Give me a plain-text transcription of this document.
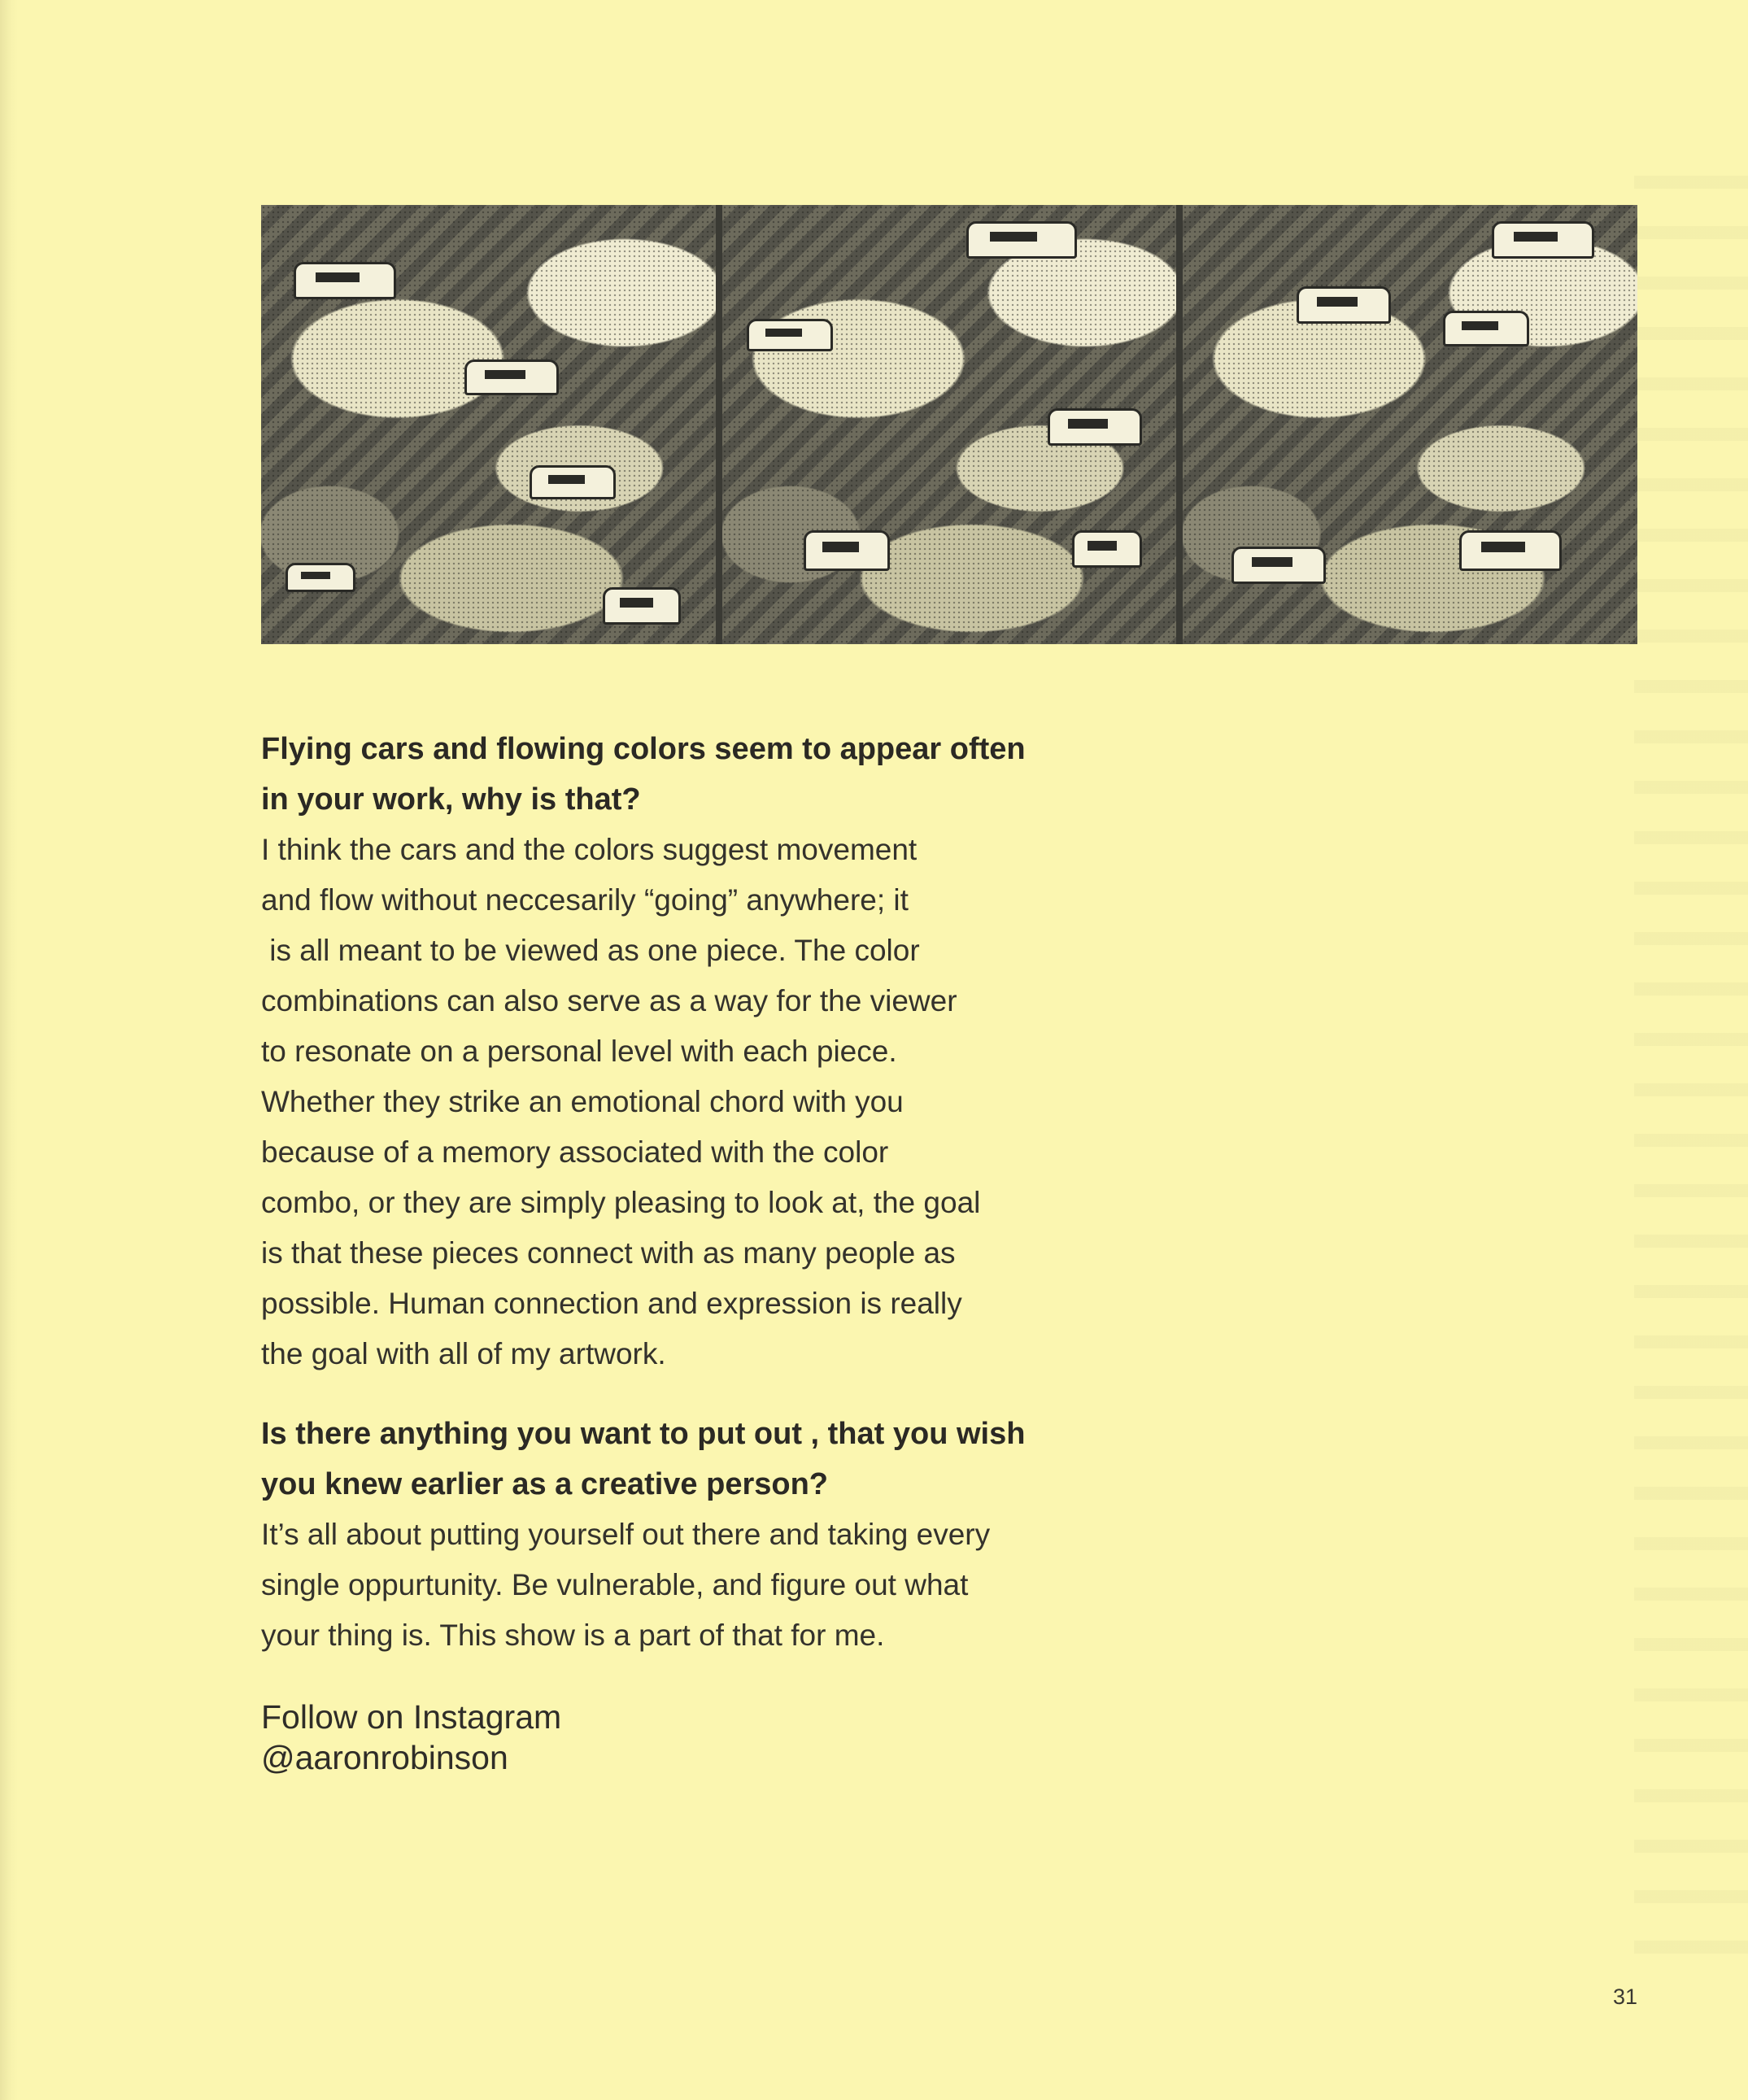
Flying cars and flowing colors seem to appear often

in your work, why is that?

I think the cars and the colors suggest movement

and flow without neccesarily “going” anywhere; it

is all meant to be viewed as one piece. The color

combinations can also serve as a way for the viewer

to resonate on a personal level with each piece.

Whether they strike an emotional chord with you

because of a memory associated with the color

combo, or they are simply pleasing to look at, the goal

is that these pieces connect with as many people as

possible. Human connection and expression is really

the goal with all of my artwork.

Is there anything you want to put out , that you wish

you knew earlier as a creative person?

It’s all about putting yourself out there and taking every

single oppurtunity. Be vulnerable, and figure out what

your thing is. This show is a part of that for me.

Follow on Instagram
@aaronrobinson
31
